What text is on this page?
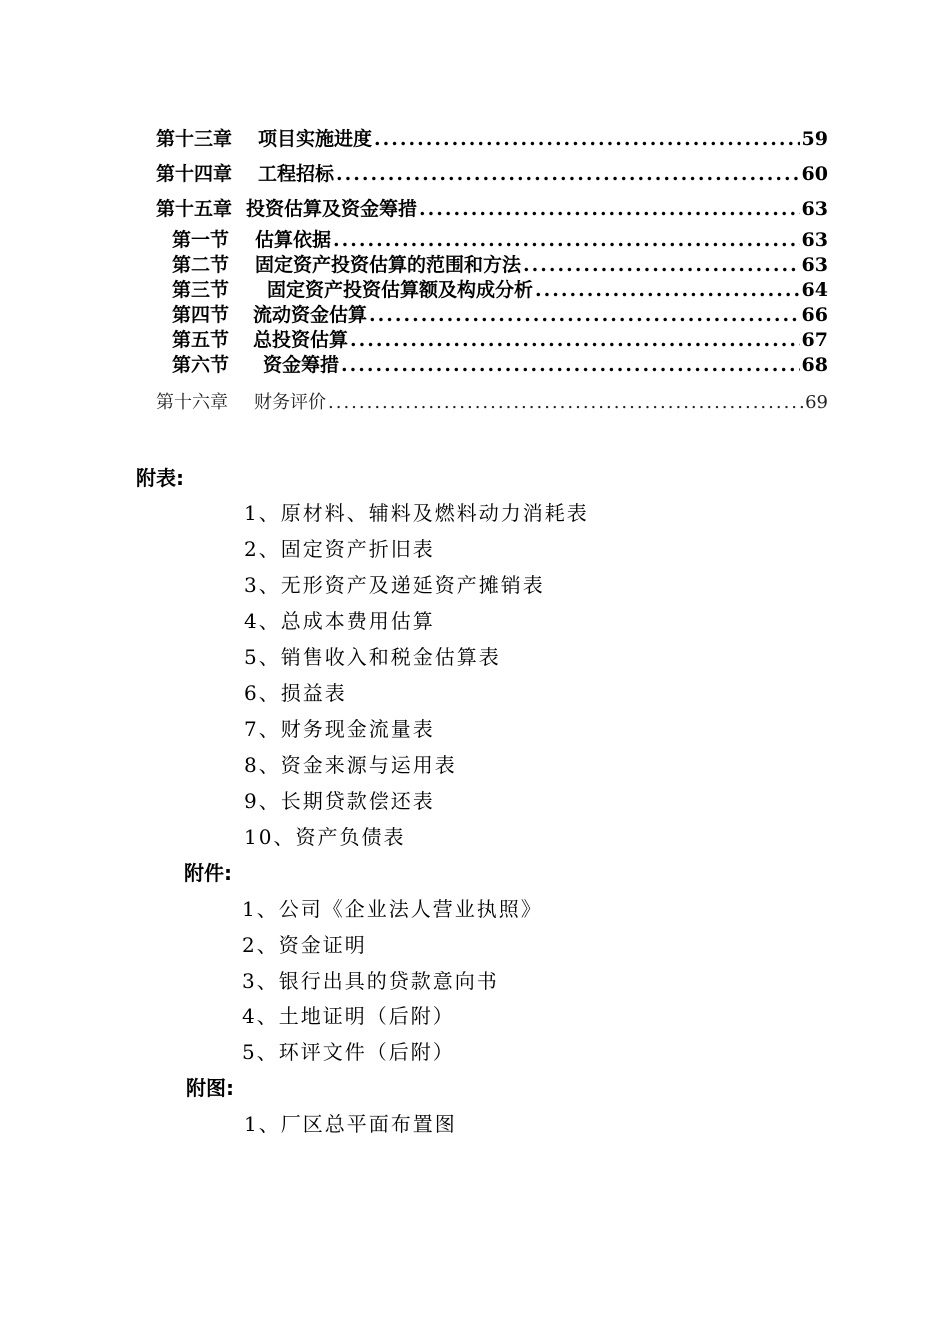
第十三章 项目实施进度 .....	59
第十四章 工程招标 .....	60
第十五章 投资估算及资金筹措 .....	63
第一节 估算依据 .....	63
第二节 固定资产投资估算的范围和方法 .....	63
第三节 固定资产投资估算额及构成分析 .....	64
第四节 流动资金估算 .....	66
第五节 总投资估算 .....	67
第六节 资金筹措 .....	68
第十六章 财务评价 .....	69
附表:
1、原材料、辅料及燃料动力消耗表
2、固定资产折旧表
3、无形资产及递延资产摊销表
4、总成本费用估算
5、销售收入和税金估算表
6、损益表
7、财务现金流量表
8、资金来源与运用表
9、长期贷款偿还表
10、资产负债表
附件:
1、公司《企业法人营业执照》
2、资金证明
3、银行出具的贷款意向书
4、土地证明（后附）
5、环评文件（后附）
附图:
1、厂区总平面布置图
